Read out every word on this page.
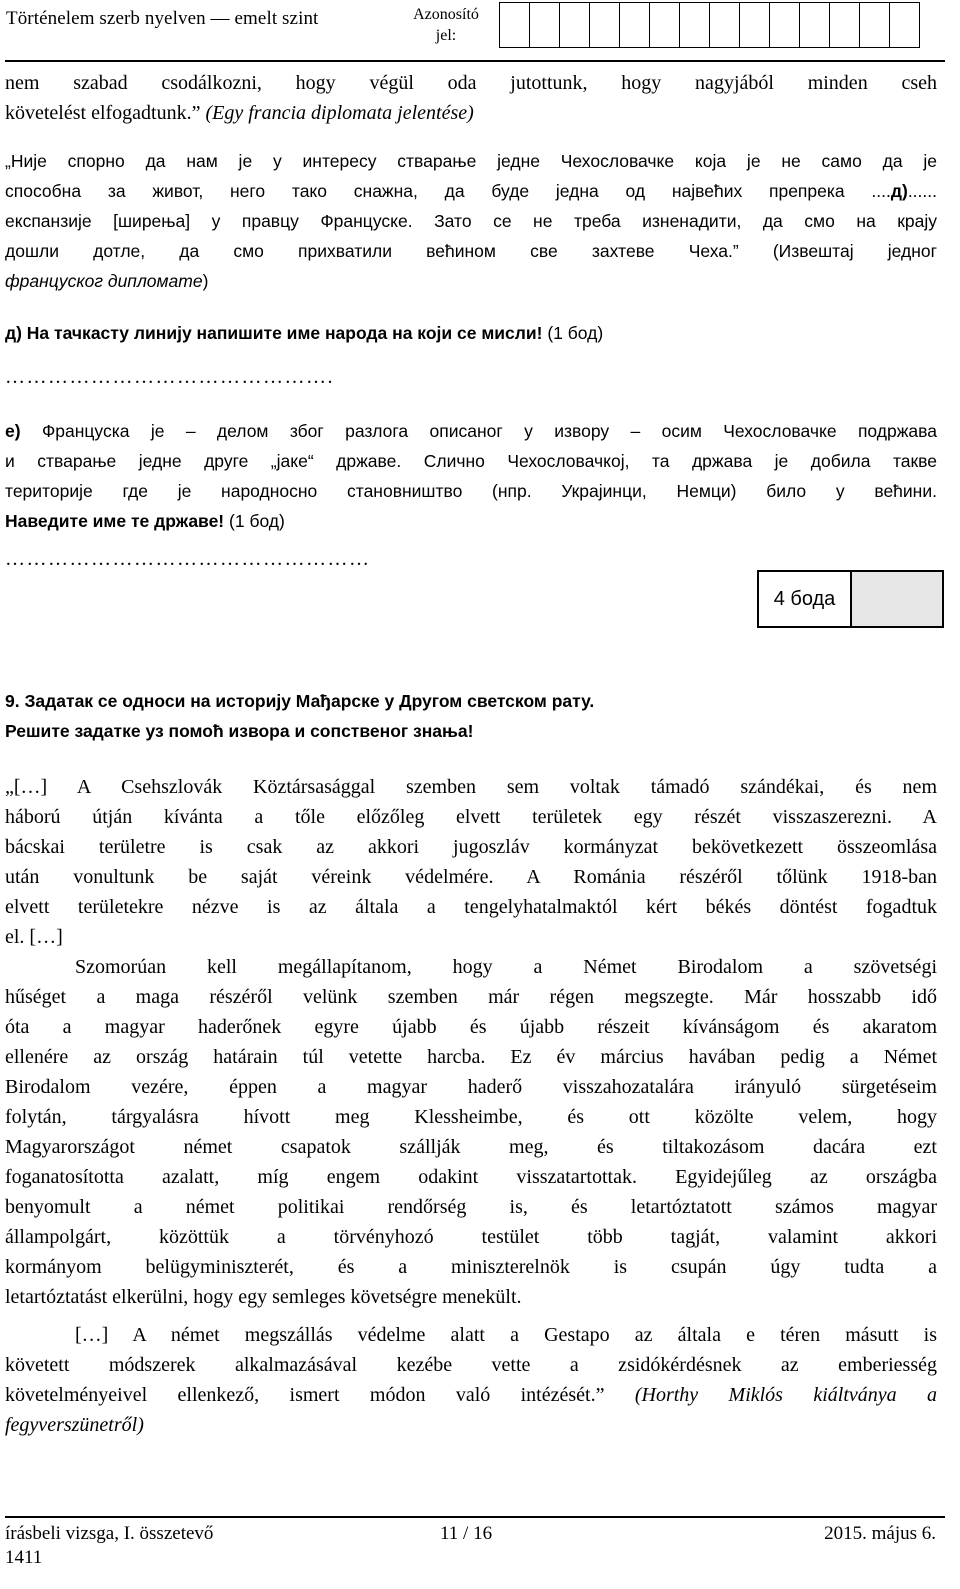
Történelem szerb nyelven — emelt szint	Azonosító
jel:

nem szabad csodálkozni, hogy végül oda jutottunk, hogy nagyjából minden cseh

követelést elfogadtunk.” (Egy francia diplomata jelentése)

„Није спорно да нам је у интересу стварање једне Чехословачке која је не само да је

способна за живот, него тако снажна, да буде једна од највећих препрека ....д)......

експанзије [ширења] у правцу Француске. Зато се не треба изненадити, да смо на крају

дошли дотле, да смо прихватили већином све захтеве Чеха.” (Извештај једног

француског дипломате)

д) На тачкасту линију напишите име народа на који се мисли! (1 бод)

……………………………………….

е) Француска је – делом због разлога описаног у извору – осим Чехословачке подржава

и стварање једне друге „јаке“ државе. Слично Чехословачкој, та држава је добила такве

територије где је народносно становништво (нпр. Украјинци, Немци) било у већини.

Наведите име те државе! (1 бод)

……………………………………………
4 бода

9. Задатак се односи на историју Мађарске у Другом светском рату.

Решите задатке уз помоћ извора и сопственог знања!

„[…] A Csehszlovák Köztársasággal szemben sem voltak támadó szándékai, és nem

háború útján kívánta a tőle előzőleg elvett területek egy részét visszaszerezni. A

bácskai területre is csak az akkori jugoszláv kormányzat bekövetkezett összeomlása

után vonultunk be saját véreink védelmére. A Románia részéről tőlünk 1918-ban

elvett területekre nézve is az általa a tengelyhatalmaktól kért békés döntést fogadtuk

el. […]

Szomorúan kell megállapítanom, hogy a Német Birodalom a szövetségi

hűséget a maga részéről velünk szemben már régen megszegte. Már hosszabb idő

óta a magyar haderőnek egyre újabb és újabb részeit kívánságom és akaratom

ellenére az ország határain túl vetette harcba. Ez év március havában pedig a Német

Birodalom vezére, éppen a magyar haderő visszahozatalára irányuló sürgetéseim

folytán, tárgyalásra hívott meg Klessheimbe, és ott közölte velem, hogy

Magyarországot német csapatok szállják meg, és tiltakozásom dacára ezt

foganatosította azalatt, míg engem odakint visszatartottak. Egyidejűleg az országba

benyomult a német politikai rendőrség is, és letartóztatott számos magyar

állampolgárt, közöttük a törvényhozó testület több tagját, valamint akkori

kormányom belügyminiszterét, és a miniszterelnök is csupán úgy tudta a

letartóztatást elkerülni, hogy egy semleges követségre menekült.

[…] A német megszállás védelme alatt a Gestapo az általa e téren másutt is

követett módszerek alkalmazásával kezébe vette a zsidókérdésnek az emberiesség

követelményeivel ellenkező, ismert módon való intézését.” (Horthy Miklós kiáltványa a

fegyverszünetről)

írásbeli vizsga, I. összetevő
1411
11 / 16	2015. május 6.
